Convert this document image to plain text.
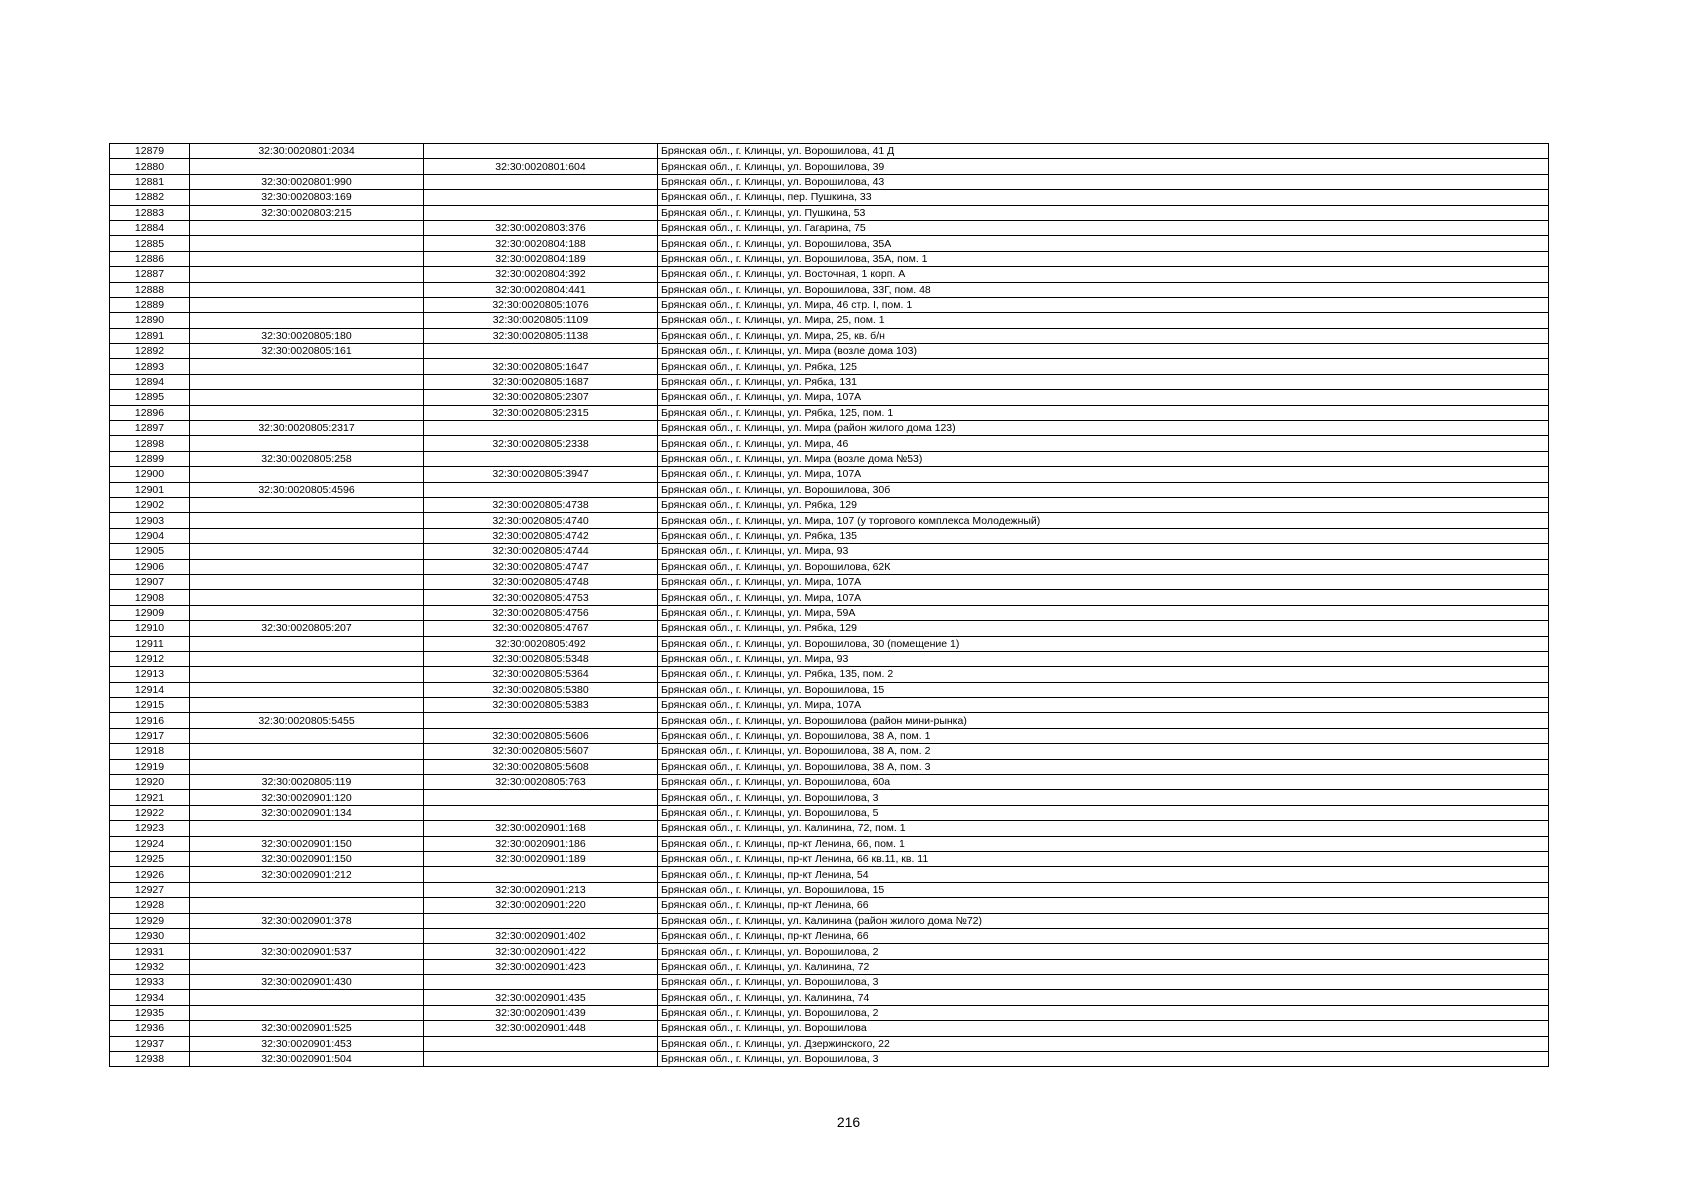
12879	32:30:0020801:2034		Брянская обл., г. Клинцы, ул. Ворошилова, 41 Д
12880		32:30:0020801:604	Брянская обл., г. Клинцы, ул. Ворошилова, 39
12881	32:30:0020801:990		Брянская обл., г. Клинцы, ул. Ворошилова, 43
12882	32:30:0020803:169		Брянская обл., г. Клинцы, пер. Пушкина, 33
12883	32:30:0020803:215		Брянская обл., г. Клинцы, ул. Пушкина, 53
12884		32:30:0020803:376	Брянская обл., г. Клинцы, ул. Гагарина, 75
12885		32:30:0020804:188	Брянская обл., г. Клинцы, ул. Ворошилова, 35А
12886		32:30:0020804:189	Брянская обл., г. Клинцы, ул. Ворошилова, 35А, пом. 1
12887		32:30:0020804:392	Брянская обл., г. Клинцы, ул. Восточная, 1 корп. А
12888		32:30:0020804:441	Брянская обл., г. Клинцы, ул. Ворошилова, 33Г, пом. 48
12889		32:30:0020805:1076	Брянская обл., г. Клинцы, ул. Мира, 46 стр. I, пом. 1
12890		32:30:0020805:1109	Брянская обл., г. Клинцы, ул. Мира, 25, пом. 1
12891	32:30:0020805:180	32:30:0020805:1138	Брянская обл., г. Клинцы, ул. Мира, 25, кв. б/н
12892	32:30:0020805:161		Брянская обл., г. Клинцы, ул. Мира (возле дома 103)
12893		32:30:0020805:1647	Брянская обл., г. Клинцы, ул. Рябка, 125
12894		32:30:0020805:1687	Брянская обл., г. Клинцы, ул. Рябка, 131
12895		32:30:0020805:2307	Брянская обл., г. Клинцы, ул. Мира, 107А
12896		32:30:0020805:2315	Брянская обл., г. Клинцы, ул. Рябка, 125, пом. 1
12897	32:30:0020805:2317		Брянская обл., г. Клинцы, ул. Мира (район жилого дома 123)
12898		32:30:0020805:2338	Брянская обл., г. Клинцы, ул. Мира, 46
12899	32:30:0020805:258		Брянская обл., г. Клинцы, ул. Мира (возле дома №53)
12900		32:30:0020805:3947	Брянская обл., г. Клинцы, ул. Мира, 107А
12901	32:30:0020805:4596		Брянская обл., г. Клинцы, ул. Ворошилова, 30б
12902		32:30:0020805:4738	Брянская обл., г. Клинцы, ул. Рябка, 129
12903		32:30:0020805:4740	Брянская обл., г. Клинцы, ул. Мира, 107 (у торгового комплекса Молодежный)
12904		32:30:0020805:4742	Брянская обл., г. Клинцы, ул. Рябка, 135
12905		32:30:0020805:4744	Брянская обл., г. Клинцы, ул. Мира, 93
12906		32:30:0020805:4747	Брянская обл., г. Клинцы, ул. Ворошилова, 62К
12907		32:30:0020805:4748	Брянская обл., г. Клинцы, ул. Мира, 107А
12908		32:30:0020805:4753	Брянская обл., г. Клинцы, ул. Мира, 107А
12909		32:30:0020805:4756	Брянская обл., г. Клинцы, ул. Мира, 59А
12910	32:30:0020805:207	32:30:0020805:4767	Брянская обл., г. Клинцы, ул. Рябка, 129
12911		32:30:0020805:492	Брянская обл., г. Клинцы, ул. Ворошилова, 30 (помещение 1)
12912		32:30:0020805:5348	Брянская обл., г. Клинцы, ул. Мира, 93
12913		32:30:0020805:5364	Брянская обл., г. Клинцы, ул. Рябка, 135, пом. 2
12914		32:30:0020805:5380	Брянская обл., г. Клинцы, ул. Ворошилова, 15
12915		32:30:0020805:5383	Брянская обл., г. Клинцы, ул. Мира, 107А
12916	32:30:0020805:5455		Брянская обл., г. Клинцы, ул. Ворошилова (район мини-рынка)
12917		32:30:0020805:5606	Брянская обл., г. Клинцы, ул. Ворошилова, 38 А, пом. 1
12918		32:30:0020805:5607	Брянская обл., г. Клинцы, ул. Ворошилова, 38 А, пом. 2
12919		32:30:0020805:5608	Брянская обл., г. Клинцы, ул. Ворошилова, 38 А, пом. 3
12920	32:30:0020805:119	32:30:0020805:763	Брянская обл., г. Клинцы, ул. Ворошилова, 60а
12921	32:30:0020901:120		Брянская обл., г. Клинцы, ул. Ворошилова, 3
12922	32:30:0020901:134		Брянская обл., г. Клинцы, ул. Ворошилова, 5
12923		32:30:0020901:168	Брянская обл., г. Клинцы, ул. Калинина, 72, пом. 1
12924	32:30:0020901:150	32:30:0020901:186	Брянская обл., г. Клинцы, пр-кт Ленина, 66, пом. 1
12925	32:30:0020901:150	32:30:0020901:189	Брянская обл., г. Клинцы, пр-кт Ленина, 66 кв.11, кв. 11
12926	32:30:0020901:212		Брянская обл., г. Клинцы, пр-кт Ленина, 54
12927		32:30:0020901:213	Брянская обл., г. Клинцы, ул. Ворошилова, 15
12928		32:30:0020901:220	Брянская обл., г. Клинцы, пр-кт Ленина, 66
12929	32:30:0020901:378		Брянская обл., г. Клинцы, ул. Калинина (район жилого дома №72)
12930		32:30:0020901:402	Брянская обл., г. Клинцы, пр-кт Ленина, 66
12931	32:30:0020901:537	32:30:0020901:422	Брянская обл., г. Клинцы, ул. Ворошилова, 2
12932		32:30:0020901:423	Брянская обл., г. Клинцы, ул. Калинина, 72
12933	32:30:0020901:430		Брянская обл., г. Клинцы, ул. Ворошилова, 3
12934		32:30:0020901:435	Брянская обл., г. Клинцы, ул. Калинина, 74
12935		32:30:0020901:439	Брянская обл., г. Клинцы, ул. Ворошилова, 2
12936	32:30:0020901:525	32:30:0020901:448	Брянская обл., г. Клинцы, ул. Ворошилова
12937	32:30:0020901:453		Брянская обл., г. Клинцы, ул. Дзержинского, 22
12938	32:30:0020901:504		Брянская обл., г. Клинцы, ул. Ворошилова, 3
216
